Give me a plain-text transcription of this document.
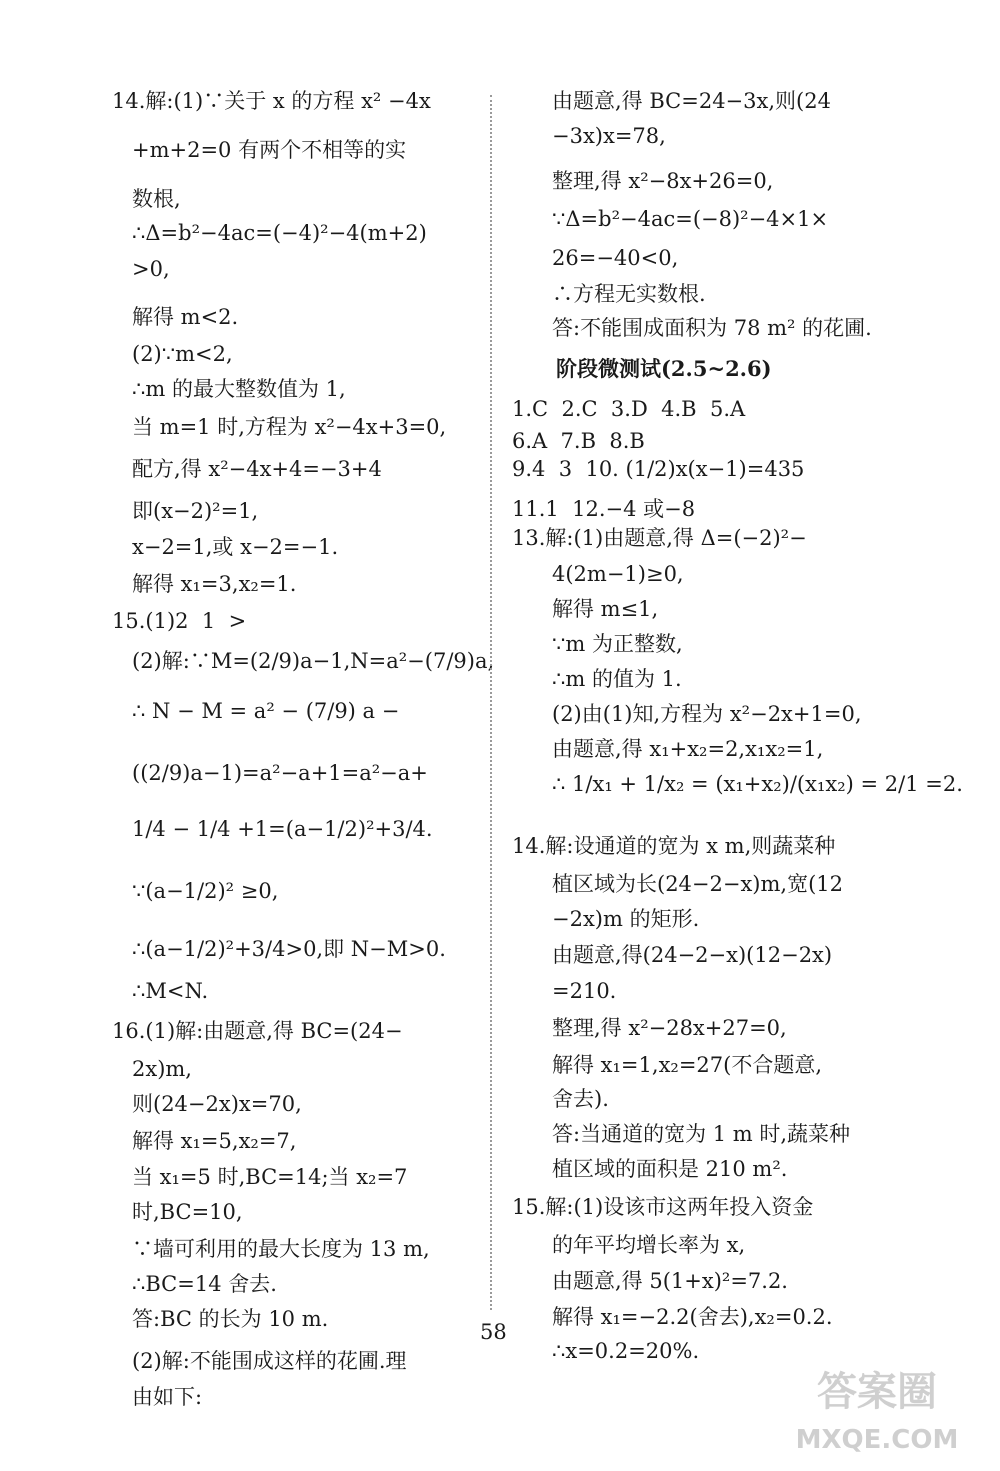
14.解:(1)∵关于 x 的方程 x² −4x
+m+2=0 有两个不相等的实
数根,
∴Δ=b²−4ac=(−4)²−4(m+2)
>0,
解得 m<2.
(2)∵m<2,
∴m 的最大整数值为 1,
当 m=1 时,方程为 x²−4x+3=0,
配方,得 x²−4x+4=−3+4
即(x−2)²=1,
x−2=1,或 x−2=−1.
解得 x₁=3,x₂=1.
15.(1)2  1  >
(2)解:∵M=(2/9)a−1,N=a²−(7/9)a,
∴ N − M = a² − (7/9) a −
((2/9)a−1)=a²−a+1=a²−a+
1/4 − 1/4 +1=(a−1/2)²+3/4.
∵(a−1/2)² ≥0,
∴(a−1/2)²+3/4>0,即 N−M>0.
∴M<N.
16.(1)解:由题意,得 BC=(24−
2x)m,
则(24−2x)x=70,
解得 x₁=5,x₂=7,
当 x₁=5 时,BC=14;当 x₂=7
时,BC=10,
∵墙可利用的最大长度为 13 m,
∴BC=14 舍去.
答:BC 的长为 10 m.
(2)解:不能围成这样的花圃.理
由如下:
由题意,得 BC=24−3x,则(24
−3x)x=78,
整理,得 x²−8x+26=0,
∵Δ=b²−4ac=(−8)²−4×1×
26=−40<0,
∴方程无实数根.
答:不能围成面积为 78 m² 的花圃.
阶段微测试(2.5~2.6)
1.C  2.C  3.D  4.B  5.A
6.A  7.B  8.B
9.4  3  10. (1/2)x(x−1)=435
11.1  12.−4 或−8
13.解:(1)由题意,得 Δ=(−2)²−
4(2m−1)≥0,
解得 m≤1,
∵m 为正整数,
∴m 的值为 1.
(2)由(1)知,方程为 x²−2x+1=0,
由题意,得 x₁+x₂=2,x₁x₂=1,
∴ 1/x₁ + 1/x₂ = (x₁+x₂)/(x₁x₂) = 2/1 =2.
14.解:设通道的宽为 x m,则蔬菜种
植区域为长(24−2−x)m,宽(12
−2x)m 的矩形.
由题意,得(24−2−x)(12−2x)
=210.
整理,得 x²−28x+27=0,
解得 x₁=1,x₂=27(不合题意,
舍去).
答:当通道的宽为 1 m 时,蔬菜种
植区域的面积是 210 m².
15.解:(1)设该市这两年投入资金
的年平均增长率为 x,
由题意,得 5(1+x)²=7.2.
解得 x₁=−2.2(舍去),x₂=0.2.
∴x=0.2=20%.
58
答案圈
MXQE.COM
